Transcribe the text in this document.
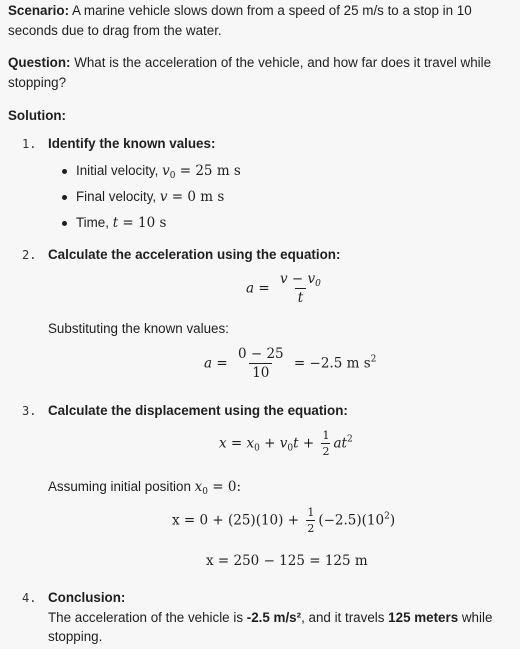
Scenario: A marine vehicle slows down from a speed of 25 m/s to a stop in 10
seconds due to drag from the water.
Question: What is the acceleration of the vehicle, and how far does it travel while
stopping?
Solution:
1. Identify the known values:
Initial velocity, $v_0 = 25$ m s
Final velocity, v = 0 m s
Time, t = 10 s
2. Calculate the acceleration using the equation:
$a = \frac{v - v_0}{t}$
Substituting the known values:
$a = \frac{0 - 25}{10} = -2.5$ m $s^2$
3. Calculate the displacement using the equation:
$x = x_0 + v_0t + \frac{1}{2} at^2$
Assuming initial position $x_0 = 0$:
$x = 0 + (25)(10) + \frac{1}{2} (-2.5)(10^2)$
x = 250 − 125 = 125 m
4. Conclusion:
The acceleration of the vehicle is -2.5 m/s², and it travels 125 meters while
stopping.
